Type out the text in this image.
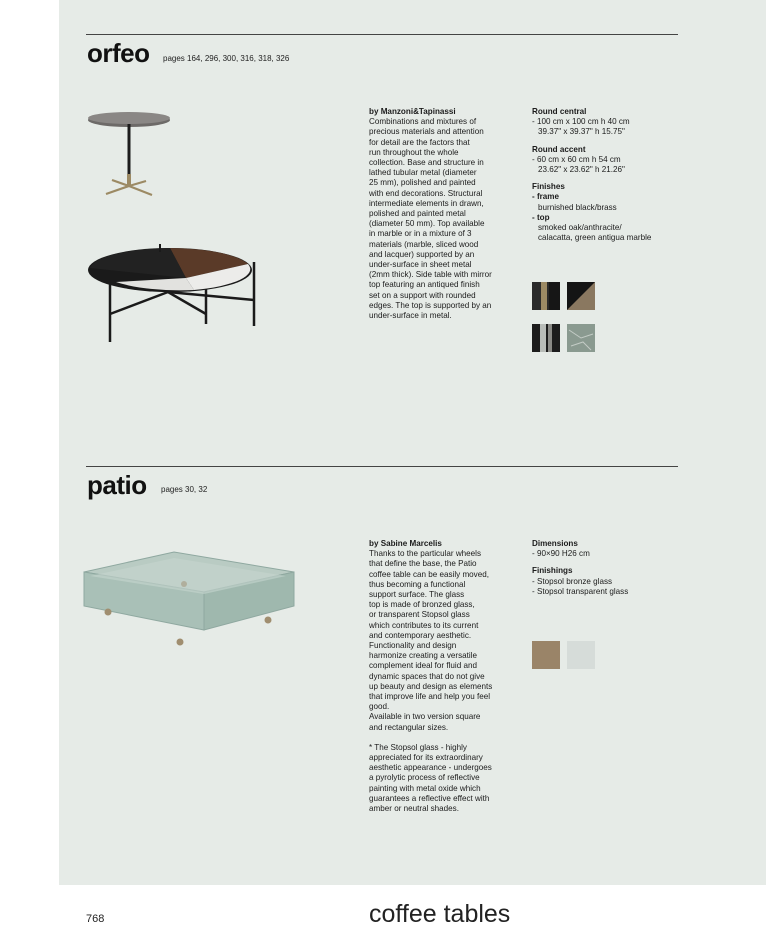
orfeo pages 164, 296, 300, 316, 318, 326
by Manzoni&Tapinassi
Combinations and mixtures of
precious materials and attention
for detail are the factors that
run throughout the whole
collection. Base and structure in
lathed tubular metal (diameter
25 mm), polished and painted
with end decorations. Structural
intermediate elements in drawn,
polished and painted metal
(diameter 50 mm). Top available
in marble or in a mixture of 3
materials (marble, sliced wood
and lacquer) supported by an
under-surface in sheet metal
(2mm thick). Side table with mirror
top featuring an antiqued finish
set on a support with rounded
edges. The top is supported by an
under-surface in metal.
Round central
- 100 cm x 100 cm h 40 cm
39.37" x 39.37" h 15.75"
Round accent
- 60 cm x 60 cm h 54 cm
23.62" x 23.62" h 21.26"
Finishes
- frame
burnished black/brass
- top
smoked oak/anthracite/
calacatta, green antigua marble
patio pages 30, 32
by Sabine Marcelis
Thanks to the particular wheels
that define the base, the Patio
coffee table can be easily moved,
thus becoming a functional
support surface. The glass
top is made of bronzed glass,
or transparent Stopsol glass
which contributes to its current
and contemporary aesthetic.
Functionality and design
harmonize creating a versatile
complement ideal for fluid and
dynamic spaces that do not give
up beauty and design as elements
that improve life and help you feel
good.
Available in two version square
and rectangular sizes.
* The Stopsol glass - highly
appreciated for its extraordinary
aesthetic appearance - undergoes
a pyrolytic process of reflective
painting with metal oxide which
guarantees a reflective effect with
amber or neutral shades.
Dimensions
- 90×90 H26 cm
Finishings
- Stopsol bronze glass
- Stopsol transparent glass
768	coffee tables
